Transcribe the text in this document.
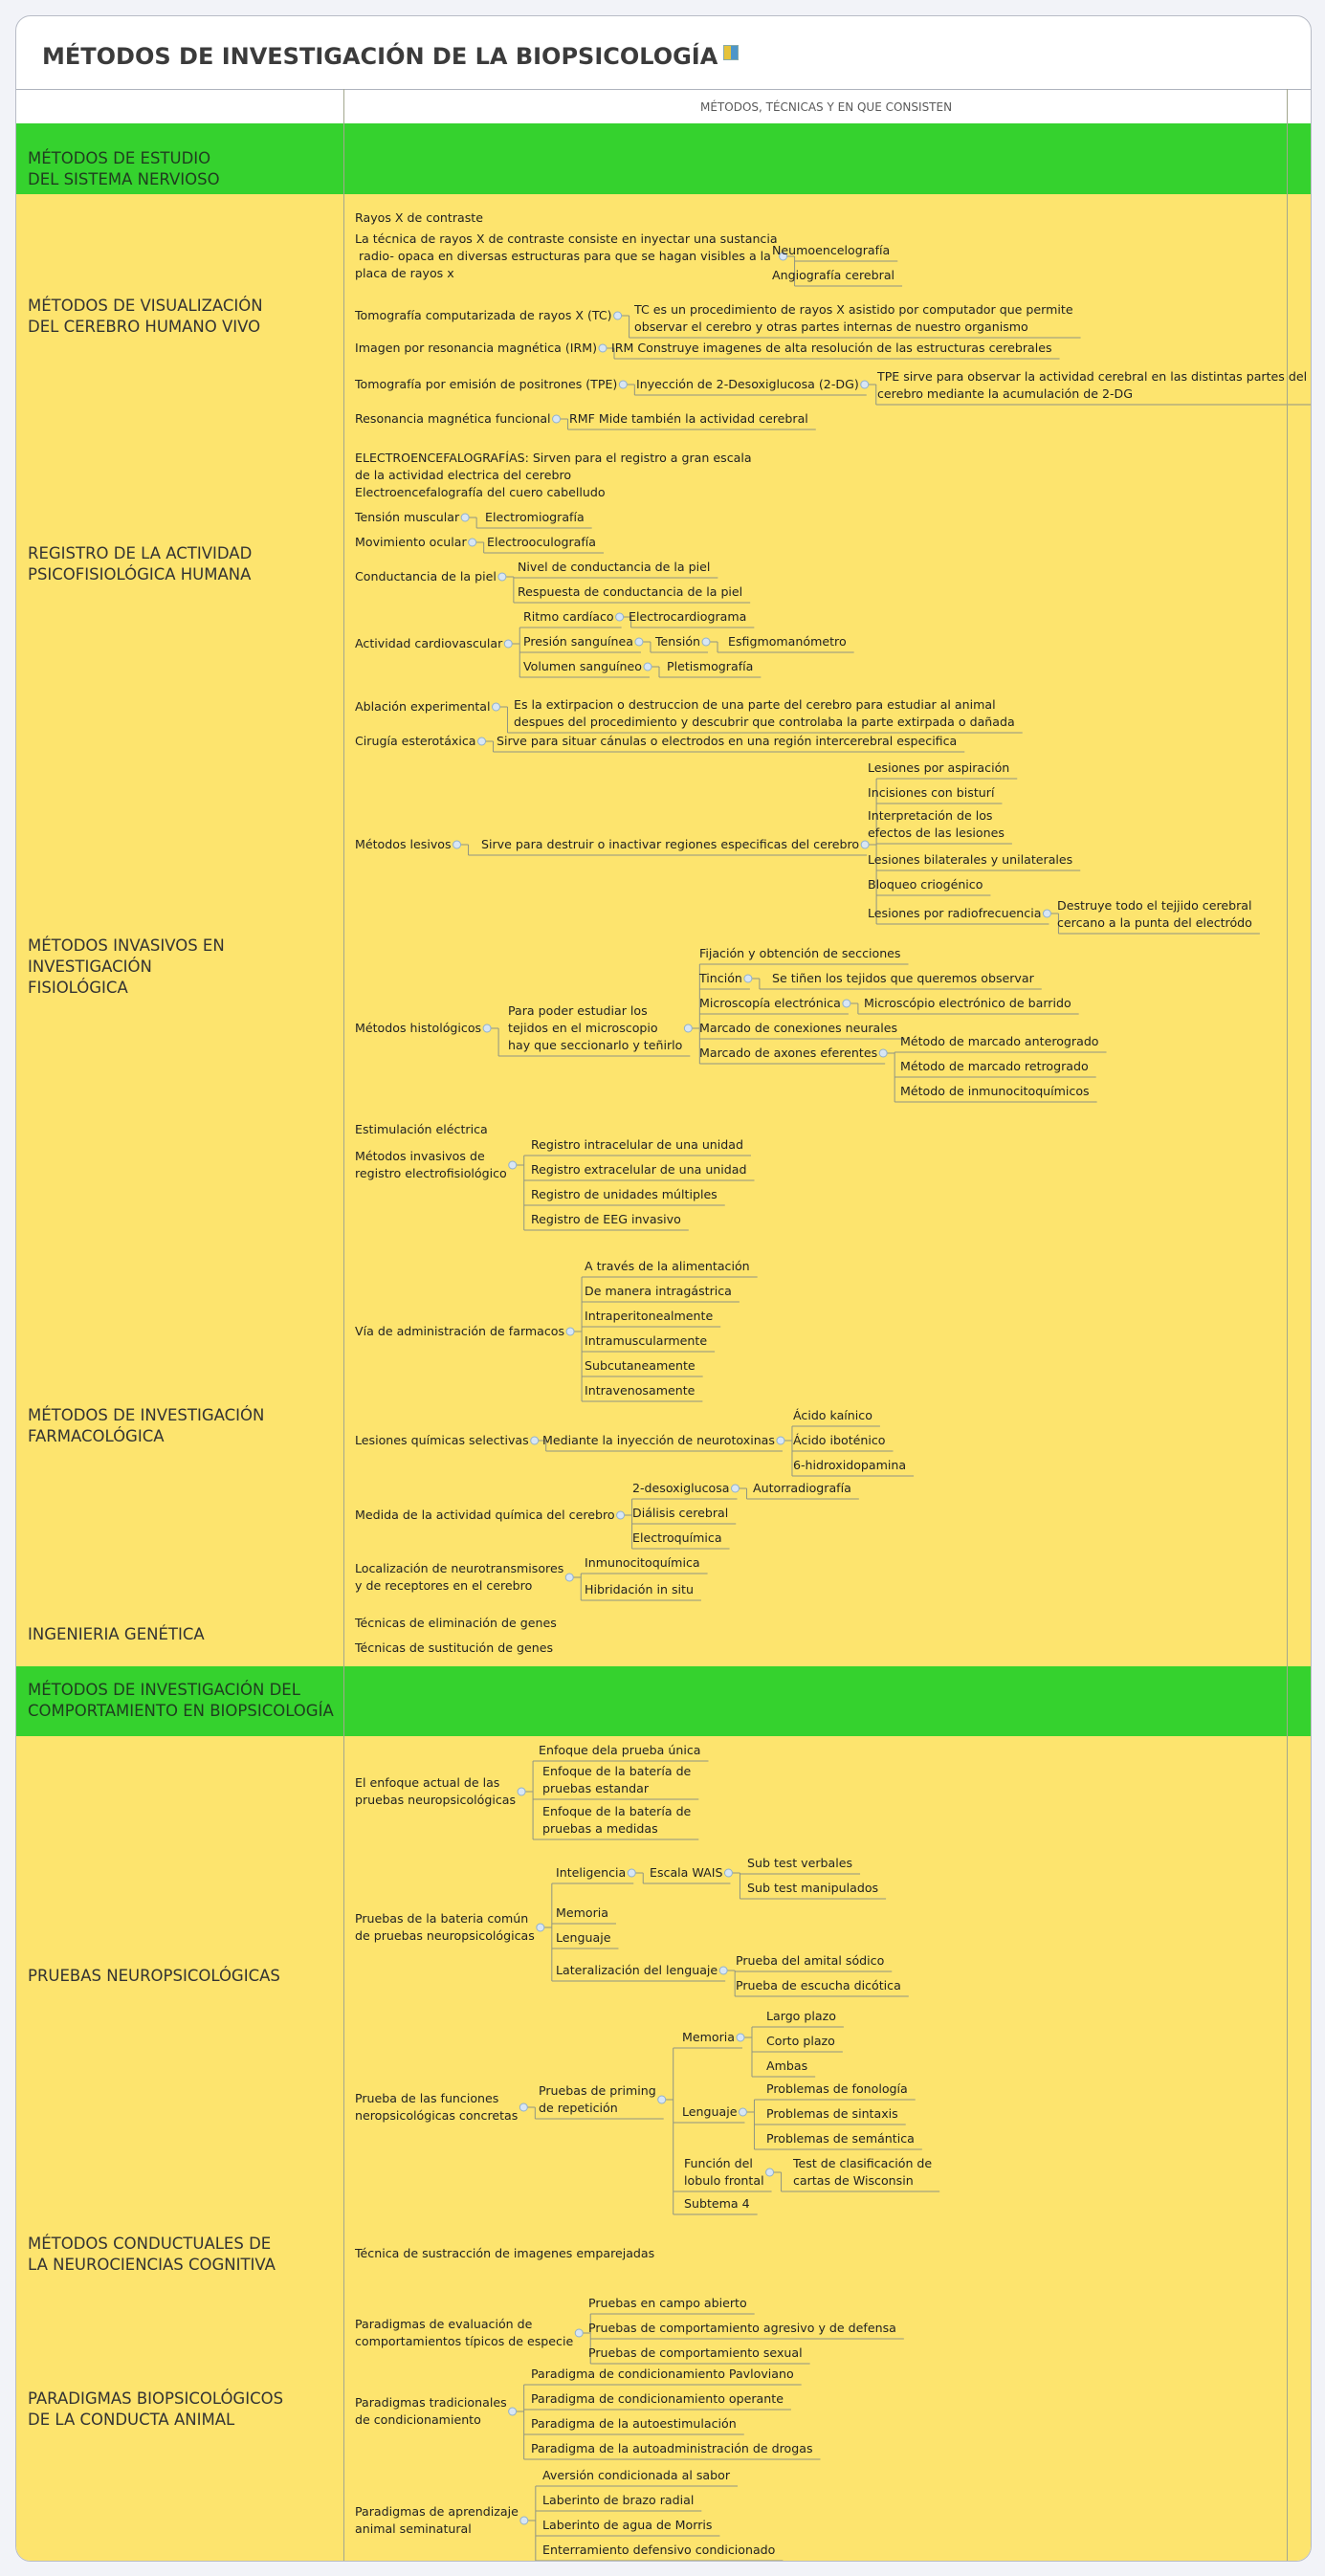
MÉTODOS DE INVESTIGACIÓN DE LA BIOPSICOLOGÍA
MÉTODOS, TÉCNICAS Y EN QUE CONSISTEN
MÉTODOS DE ESTUDIO
DEL SISTEMA NERVIOSO
MÉTODOS DE VISUALIZACIÓN
DEL CEREBRO HUMANO VIVO
Rayos X de contraste
La técnica de rayos X de contraste consiste en inyectar una sustancia
radio- opaca en diversas estructuras para que se hagan visibles a la
placa de rayos x
Neumoencelografía
Angiografía cerebral
Tomografía computarizada de rayos X (TC) TC es un procedimiento de rayos X asistido por computador que permite
observar el cerebro y otras partes internas de nuestro organismo
Imagen por resonancia magnética (IRM) IRM Construye imagenes de alta resolución de las estructuras cerebrales
Tomografía por emisión de positrones (TPE) Inyección de 2-Desoxiglucosa (2-DG)
TPE sirve para observar la actividad cerebral en las distintas partes del
cerebro mediante la acumulación de 2-DG
Resonancia magnética funcional RMF Mide también la actividad cerebral
REGISTRO DE LA ACTIVIDAD
PSICOFISIOLÓGICA HUMANA
ELECTROENCEFALOGRAFÍAS: Sirven para el registro a gran escala
de la actividad electrica del cerebro
Electroencefalografía del cuero cabelludo
Tensión muscular Electromiografía
Movimiento ocular Electrooculografía
Conductancia de la piel
Nivel de conductancia de la piel
Respuesta de conductancia de la piel
Actividad cardiovascular
Ritmo cardíaco Electrocardiograma
Presión sanguínea Tensión Esfigmomanómetro
Volumen sanguíneo Pletismografía
MÉTODOS INVASIVOS EN
INVESTIGACIÓN
FISIOLÓGICA
Ablación experimental Es la extirpacion o destruccion de una parte del cerebro para estudiar al animal
despues del procedimiento y descubrir que controlaba la parte extirpada o dañada
Cirugía esterotáxica Sirve para situar cánulas o electrodos en una región intercerebral especifica
Métodos lesivos Sirve para destruir o inactivar regiones especificas del cerebro
Lesiones por aspiración
Incisiones con bisturí
Interpretación de los
efectos de las lesiones
Lesiones bilaterales y unilaterales
Bloqueo criogénico
Lesiones por radiofrecuencia
Destruye todo el tejjido cerebral
cercano a la punta del electródo
Métodos histológicos
Para poder estudiar los
tejidos en el microscopio
hay que seccionarlo y teñirlo
Fijación y obtención de secciones
Tinción Se tiñen los tejidos que queremos observar
Microscopía electrónica Microscópio electrónico de barrido
Marcado de conexiones neurales
Marcado de axones eferentes
Método de marcado anterogrado
Método de marcado retrogrado
Método de inmunocitoquímicos
Estimulación eléctrica
Métodos invasivos de
registro electrofisiológico
Registro intracelular de una unidad
Registro extracelular de una unidad
Registro de unidades múltiples
Registro de EEG invasivo
MÉTODOS DE INVESTIGACIÓN
FARMACOLÓGICA
Vía de administración de farmacos
A través de la alimentación
De manera intragástrica
Intraperitonealmente
Intramuscularmente
Subcutaneamente
Intravenosamente
Lesiones químicas selectivas Mediante la inyección de neurotoxinas
Ácido kaínico
Ácido iboténico
6-hidroxidopamina
Medida de la actividad química del cerebro
2-desoxiglucosa Autorradiografía
Diálisis cerebral
Electroquímica
Localización de neurotransmisores
y de receptores en el cerebro
Inmunocitoquímica
Hibridación in situ
INGENIERIA GENÉTICA
Técnicas de eliminación de genes
Técnicas de sustitución de genes
MÉTODOS DE INVESTIGACIÓN DEL
COMPORTAMIENTO EN BIOPSICOLOGÍA
PRUEBAS NEUROPSICOLÓGICAS
El enfoque actual de las
pruebas neuropsicológicas
Enfoque dela prueba única
Enfoque de la batería de
pruebas estandar
Enfoque de la batería de
pruebas a medidas
Pruebas de la bateria común
de pruebas neuropsicológicas
Inteligencia Escala WAIS
Sub test verbales
Sub test manipulados
Memoria
Lenguaje
Lateralización del lenguaje
Prueba del amital sódico
Prueba de escucha dicótica
Prueba de las funciones
neropsicológicas concretas
Pruebas de priming
de repetición
Memoria
Largo plazo
Corto plazo
Ambas
Lenguaje
Problemas de fonología
Problemas de sintaxis
Problemas de semántica
Función del
lobulo frontal
Test de clasificación de
cartas de Wisconsin
Subtema 4
MÉTODOS CONDUCTUALES DE
LA NEUROCIENCIAS COGNITIVA
Técnica de sustracción de imagenes emparejadas
PARADIGMAS BIOPSICOLÓGICOS
DE LA CONDUCTA ANIMAL
Paradigmas de evaluación de
comportamientos típicos de especie
Pruebas en campo abierto
Pruebas de comportamiento agresivo y de defensa
Pruebas de comportamiento sexual
Paradigmas tradicionales
de condicionamiento
Paradigma de condicionamiento Pavloviano
Paradigma de condicionamiento operante
Paradigma de la autoestimulación
Paradigma de la autoadministración de drogas
Paradigmas de aprendizaje
animal seminatural
Aversión condicionada al sabor
Laberinto de brazo radial
Laberinto de agua de Morris
Enterramiento defensivo condicionado
